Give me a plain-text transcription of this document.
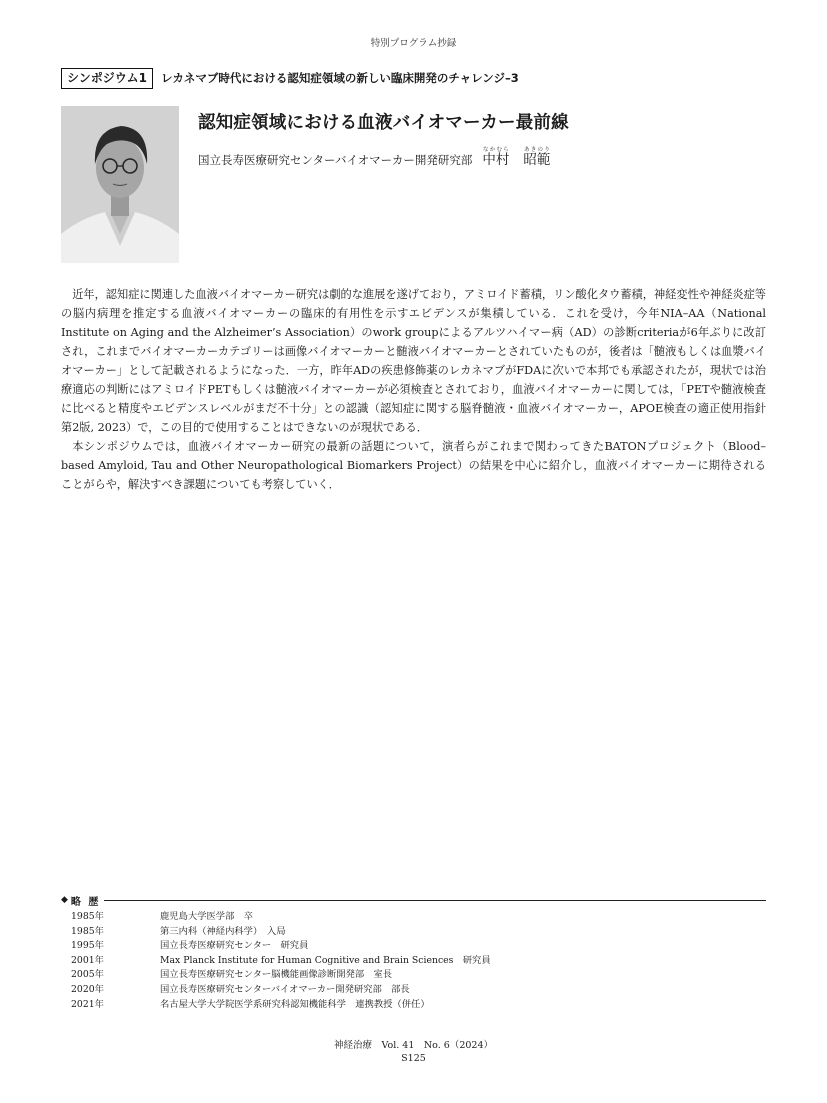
特別プログラム抄録
シンポジウム1	レカネマブ時代における認知症領域の新しい臨床開発のチャレンジ–3
認知症領域における血液バイオマーカー最前線
国立長寿医療研究センターバイオマーカー開発研究部 中村なかむら
昭範あきのり

近年，認知症に関連した血液バイオマーカー研究は劇的な進展を遂げており，アミロイド蓄積，リン酸化タウ蓄積，神経変性や神経炎症等の脳内病理を推定する血液バイオマーカーの臨床的有用性を示すエビデンスが集積している．これを受け，今年NIA–AA（National Institute on Aging and the Alzheimer’s Association）のwork groupによるアルツハイマー病（AD）の診断criteriaが6年ぶりに改訂され，これまでバイオマーカーカテゴリーは画像バイオマーカーと髄液バイオマーカーとされていたものが，後者は「髄液もしくは血漿バイオマーカー」として記載されるようになった．一方，昨年ADの疾患修飾薬のレカネマブがFDAに次いで本邦でも承認されたが，現状では治療適応の判断にはアミロイドPETもしくは髄液バイオマーカーが必須検査とされており，血液バイオマーカーに関しては，「PETや髄液検査に比べると精度やエビデンスレベルがまだ不十分」との認識（認知症に関する脳脊髄液・血液バイオマーカー，APOE検査の適正使用指針　第2版, 2023）で，この目的で使用することはできないのが現状である．

本シンポジウムでは，血液バイオマーカー研究の最新の話題について，演者らがこれまで関わってきたBATONプロジェクト（Blood–based Amyloid, Tau and Other Neuropathological Biomarkers Project）の結果を中心に紹介し，血液バイオマーカーに期待されることがらや，解決すべき課題についても考察していく．

◆ 略 歴
1985年	鹿児島大学医学部　卒
1985年	第三内科（神経内科学）　入局
1995年	国立長寿医療研究センター　研究員
2001年	Max Planck Institute for Human Cognitive and Brain Sciences　研究員
2005年	国立長寿医療研究センター脳機能画像診断開発部　室長
2020年	国立長寿医療研究センターバイオマーカー開発研究部　部長
2021年	名古屋大学大学院医学系研究科認知機能科学　連携教授（併任）
神経治療　Vol. 41　No. 6（2024）
S125
